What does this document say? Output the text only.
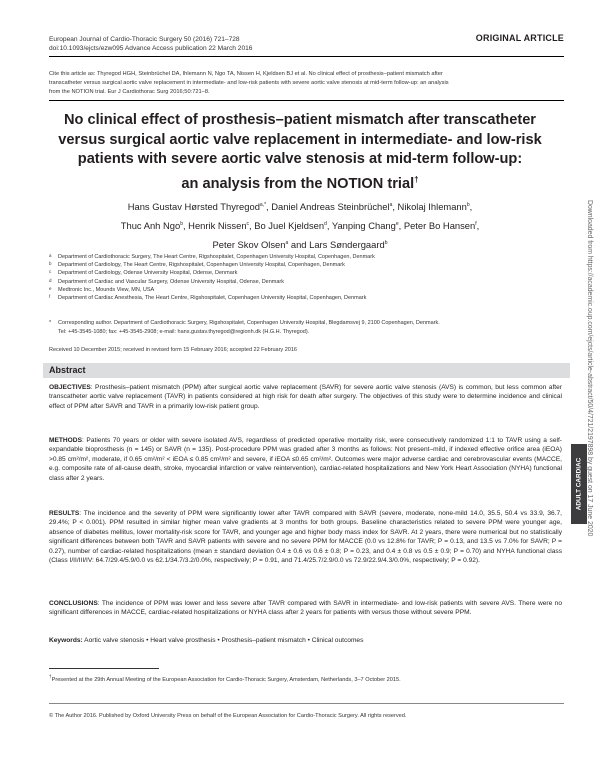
European Journal of Cardio-Thoracic Surgery 50 (2016) 721–728
doi:10.1093/ejcts/ezw095 Advance Access publication 22 March 2016
ORIGINAL ARTICLE
Cite this article as: Thyregod HGH, Steinbrüchel DA, Ihlemann N, Ngo TA, Nissen H, Kjeldsen BJ et al. No clinical effect of prosthesis–patient mismatch after
transcatheter versus surgical aortic valve replacement in intermediate- and low-risk patients with severe aortic valve stenosis at mid-term follow-up: an analysis
from the NOTION trial. Eur J Cardiothorac Surg 2016;50:721–8.
No clinical effect of prosthesis–patient mismatch after transcatheter
versus surgical aortic valve replacement in intermediate- and low-risk
patients with severe aortic valve stenosis at mid-term follow-up:
an analysis from the NOTION trial†
Hans Gustav Hørsted Thyregod$^{a,*}$, Daniel Andreas Steinbrüchel$^a$, Nikolaj Ihlemann$^b$,
Thuc Anh Ngo$^b$, Henrik Nissen$^c$, Bo Juel Kjeldsen$^d$, Yanping Chang$^e$, Peter Bo Hansen$^f$,
Peter Skov Olsen$^a$ and Lars Søndergaard$^b$
a	Department of Cardiothoracic Surgery, The Heart Centre, Rigshospitalet, Copenhagen University Hospital, Copenhagen, Denmark
b	Department of Cardiology, The Heart Centre, Rigshospitalet, Copenhagen University Hospital, Copenhagen, Denmark
c	Department of Cardiology, Odense University Hospital, Odense, Denmark
d	Department of Cardiac and Vascular Surgery, Odense University Hospital, Odense, Denmark
e	Medtronic Inc., Mounds View, MN, USA
f	Department of Cardiac Anesthesia, The Heart Centre, Rigshospitalet, Copenhagen University Hospital, Copenhagen, Denmark
*	Corresponding author. Department of Cardiothoracic Surgery, Rigshospitalet, Copenhagen University Hospital, Blegdamsvej 9, 2100 Copenhagen, Denmark.
Tel: +45-3545-1080; fax: +45-3545-2908; e-mail: hans.gustav.thyregod@regionh.dk (H.G.H. Thyregod).
Received 10 December 2015; received in revised form 15 February 2016; accepted 22 February 2016
Abstract
OBJECTIVES: Prosthesis–patient mismatch (PPM) after surgical aortic valve replacement (SAVR) for severe aortic valve stenosis (AVS) is common, but less common after transcatheter aortic valve replacement (TAVR) in patients considered at high risk for death after surgery. The objectives of this study were to determine incidence and clinical effect of PPM after SAVR and TAVR in a primarily low-risk patient group.
METHODS: Patients 70 years or older with severe isolated AVS, regardless of predicted operative mortality risk, were consecutively randomized 1:1 to TAVR using a self-expandable bioprosthesis (n = 145) or SAVR (n = 135). Post-procedure PPM was graded after 3 months as follows: Not present–mild, if indexed effective orifice area (iEOA) >0.85 cm²/m², moderate, if 0.65 cm²/m² < iEOA ≤ 0.85 cm²/m² and severe, if iEOA ≤0.65 cm²/m². Outcomes were major adverse cardiac and cerebrovascular events (MACCE, e.g. composite rate of all-cause death, stroke, myocardial infarction or valve reintervention), cardiac-related hospitalizations and New York Heart Association (NYHA) functional class after 2 years.
RESULTS: The incidence and the severity of PPM were significantly lower after TAVR compared with SAVR (severe, moderate, none-mild 14.0, 35.5, 50.4 vs 33.9, 36.7, 29.4%; P < 0.001). PPM resulted in similar higher mean valve gradients at 3 months for both groups. Baseline characteristics related to severe PPM were younger age, absence of diabetes mellitus, lower mortality-risk score for TAVR, and younger age and higher body mass index for SAVR. At 2 years, there were numerical but no statistically significant differences between both TAVR and SAVR patients with severe and no severe PPM for MACCE (0.0 vs 12.8% for TAVR; P = 0.13, and 13.5 vs 7.0% for SAVR; P = 0.27), number of cardiac-related hospitalizations (mean ± standard deviation 0.4 ± 0.6 vs 0.6 ± 0.8; P = 0.23, and 0.4 ± 0.8 vs 0.5 ± 0.9; P = 0.70) and NYHA functional class (Class I/II/III/IV: 64.7/29.4/5.9/0.0 vs 62.1/34.7/3.2/0.0%, respectively; P = 0.91, and 71.4/25.7/2.9/0.0 vs 72.9/22.9/4.3/0.0%, respectively; P = 0.92).
CONCLUSIONS: The incidence of PPM was lower and less severe after TAVR compared with SAVR in intermediate- and low-risk patients with severe AVS. There were no significant differences in MACCE, cardiac-related hospitalizations or NYHA class after 2 years for patients with versus those without severe PPM.
Keywords: Aortic valve stenosis • Heart valve prosthesis • Prosthesis–patient mismatch • Clinical outcomes
ADULT CARDIAC Downloaded from https://academic.oup.com/ejcts/article-abstract/50/4/721/2197898 by guest on 17 June 2020
†Presented at the 29th Annual Meeting of the European Association for Cardio-Thoracic Surgery, Amsterdam, Netherlands, 3–7 October 2015.
© The Author 2016. Published by Oxford University Press on behalf of the European Association for Cardio-Thoracic Surgery. All rights reserved.
